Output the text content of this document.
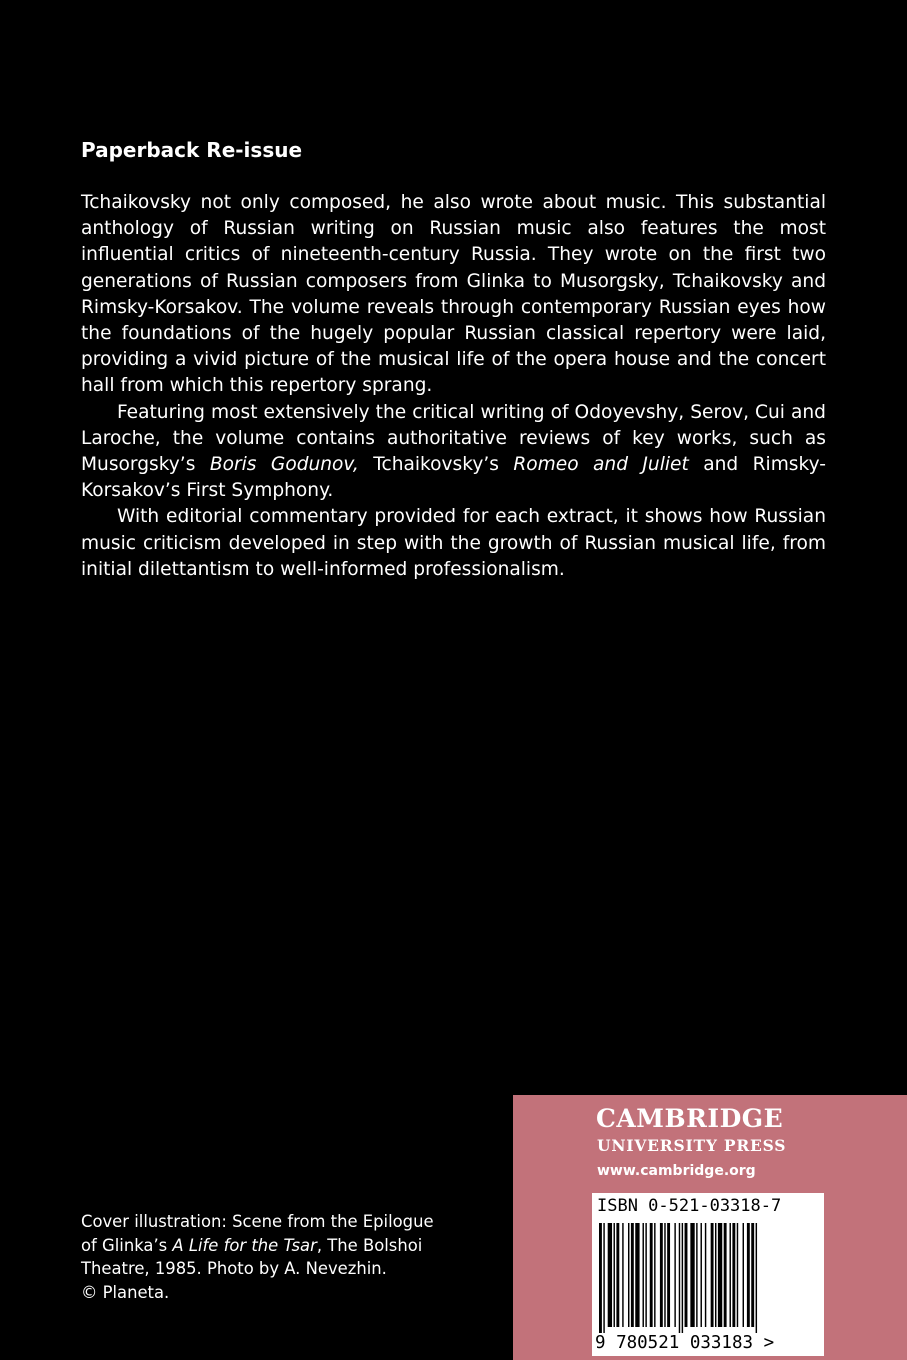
Paperback Re-issue

Tchaikovsky not only composed, he also wrote about music. This substantial anthology of Russian writing on Russian music also features the most influential critics of nineteenth-century Russia. They wrote on the first two generations of Russian composers from Glinka to Musorgsky, Tchaikovsky and Rimsky-Korsakov. The volume reveals through contemporary Russian eyes how the foundations of the hugely popular Russian classical repertory were laid, providing a vivid picture of the musical life of the opera house and the concert hall from which this repertory sprang.

Featuring most extensively the critical writing of Odoyevshy, Serov, Cui and Laroche, the volume contains authoritative reviews of key works, such as Musorgsky’s Boris Godunov, Tchaikovsky’s Romeo and Juliet and Rimsky-Korsakov’s First Symphony.

With editorial commentary provided for each extract, it shows how Russian music criticism developed in step with the growth of Russian musical life, from initial dilettantism to well-informed professionalism.

Cover illustration: Scene from the Epilogue
of Glinka’s A Life for the Tsar, The Bolshoi
Theatre, 1985. Photo by A. Nevezhin.
© Planeta.
CAMBRIDGE
UNIVERSITY PRESS
www.cambridge.org
ISBN 0-521-03318-7
9 780521 033183 >
